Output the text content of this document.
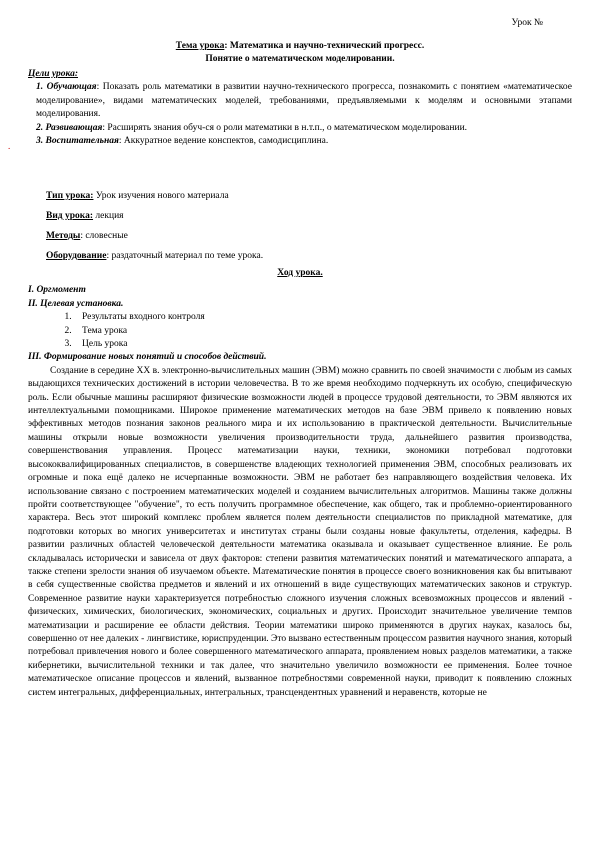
Урок №
.
Тема урока: Математика и научно-технический прогресс.
Понятие о математическом моделировании.
Цели урока:

1. Обучающая: Показать роль математики в развитии научно-технического прогресса, познакомить с понятием «математическое моделирование», видами математических моделей, требованиями, предъявляемыми к моделям и основными этапами моделирования.

2. Развивающая: Расширять знания обуч-ся о роли математики в н.т.п., о математическом моделировании.

3. Воспитательная: Аккуратное ведение конспектов, самодисциплина.

Тип урока: Урок изучения нового материала

Вид урока: лекция

Методы: словесные

Оборудование: раздаточный материал по теме урока.

Ход урока.
I. Оргмомент
II. Целевая установка.
1. Результаты входного контроля
2. Тема урока
3. Цель урока
III. Формирование новых понятий и способов действий.

Создание в середине XX в. электронно-вычислительных машин (ЭВМ) можно сравнить по своей значимости с любым из самых выдающихся технических достижений в истории человечества. В то же время необходимо подчеркнуть их особую, специфическую роль. Если обычные машины расширяют физические возможности людей в процессе трудовой деятельности, то ЭВМ являются их интеллектуальными помощниками. Широкое применение математических методов на базе ЭВМ привело к появлению новых эффективных методов познания законов реального мира и их использованию в практической деятельности. Вычислительные машины открыли новые возможности увеличения производительности труда, дальнейшего развития производства, совершенствования управления. Процесс математизации науки, техники, экономики потребовал подготовки высококвалифицированных специалистов, в совершенстве владеющих технологией применения ЭВМ, способных реализовать их огромные и пока ещё далеко не исчерпанные возможности. ЭВМ не работает без направляющего воздействия человека. Их использование связано с построением математических моделей и созданием вычислительных алгоритмов. Машины также должны пройти соответствующее "обучение", то есть получить программное обеспечение, как общего, так и проблемно-ориентированного характера. Весь этот широкий комплекс проблем является полем деятельности специалистов по прикладной математике, для подготовки которых во многих университетах и институтах страны были созданы новые факультеты, отделения, кафедры. В развитии различных областей человеческой деятельности математика оказывала и оказывает существенное влияние. Ее роль складывалась исторически и зависела от двух факторов: степени развития математических понятий и математического аппарата, а также степени зрелости знания об изучаемом объекте. Математические понятия в процессе своего возникновения как бы впитывают в себя существенные свойства предметов и явлений и их отношений в виде существующих математических законов и структур. Современное развитие науки характеризуется потребностью сложного изучения сложных всевозможных процессов и явлений - физических, химических, биологических, экономических, социальных и других. Происходит значительное увеличение темпов математизации и расширение ее области действия. Теории математики широко применяются в других науках, казалось бы, совершенно от нее далеких - лингвистике, юриспруденции. Это вызвано естественным процессом развития научного знания, который потребовал привлечения нового и более совершенного математического аппарата, проявлением новых разделов математики, а также кибернетики, вычислительной техники и так далее, что значительно увеличило возможности ее применения. Более точное математическое описание процессов и явлений, вызванное потребностями современной науки, приводит к появлению сложных систем интегральных, дифференциальных, интегральных, трансцендентных уравнений и неравенств, которые не
